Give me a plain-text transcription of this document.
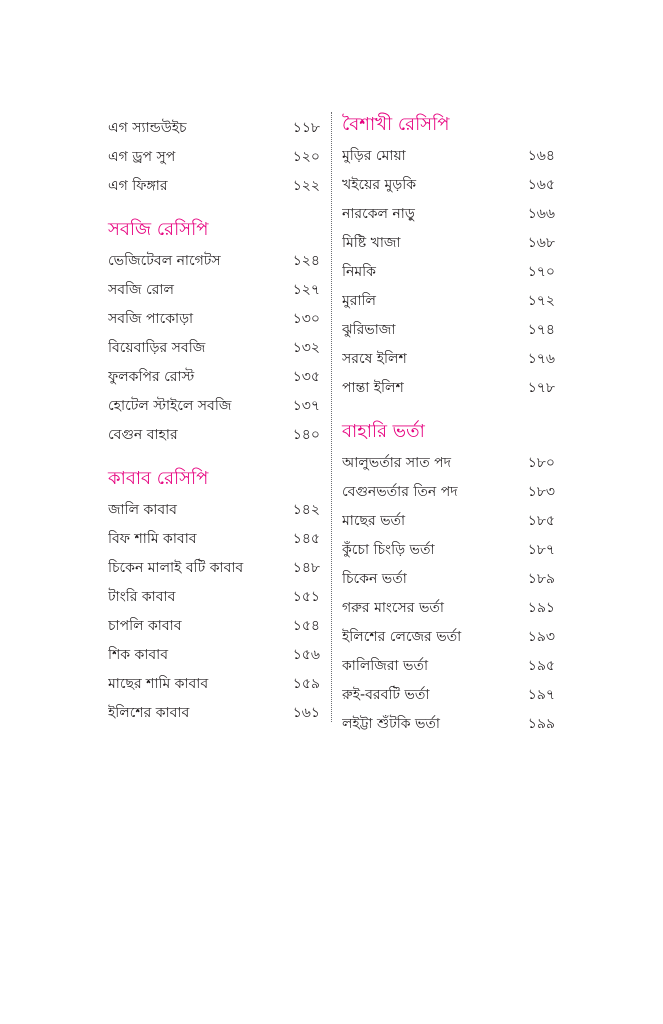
এগ স্যান্ডউইচ	১১৮
এগ ড্রপ সুপ	১২০
এগ ফিঙ্গার	১২২
সবজি রেসিপি
ভেজিটেবল নাগেটস	১২৪
সবজি রোল	১২৭
সবজি পাকোড়া	১৩০
বিয়েবাড়ির সবজি	১৩২
ফুলকপির রোস্ট	১৩৫
হোটেল স্টাইলে সবজি	১৩৭
বেগুন বাহার	১৪০
কাবাব রেসিপি
জালি কাবাব	১৪২
বিফ শামি কাবাব	১৪৫
চিকেন মালাই বটি কাবাব	১৪৮
টাংরি কাবাব	১৫১
চাপলি কাবাব	১৫৪
শিক কাবাব	১৫৬
মাছের শামি কাবাব	১৫৯
ইলিশের কাবাব	১৬১
বৈশাখী রেসিপি
মুড়ির মোয়া	১৬৪
খইয়ের মুড়কি	১৬৫
নারকেল নাড়ু	১৬৬
মিষ্টি খাজা	১৬৮
নিমকি	১৭০
মুরালি	১৭২
ঝুরিভাজা	১৭৪
সরষে ইলিশ	১৭৬
পান্তা ইলিশ	১৭৮
বাহারি ভর্তা
আলুভর্তার সাত পদ	১৮০
বেগুনভর্তার তিন পদ	১৮৩
মাছের ভর্তা	১৮৫
কুঁচো চিংড়ি ভর্তা	১৮৭
চিকেন ভর্তা	১৮৯
গরুর মাংসের ভর্তা	১৯১
ইলিশের লেজের ভর্তা	১৯৩
কালিজিরা ভর্তা	১৯৫
রুই-বরবটি ভর্তা	১৯৭
লইট্টা শুঁটকি ভর্তা	১৯৯
